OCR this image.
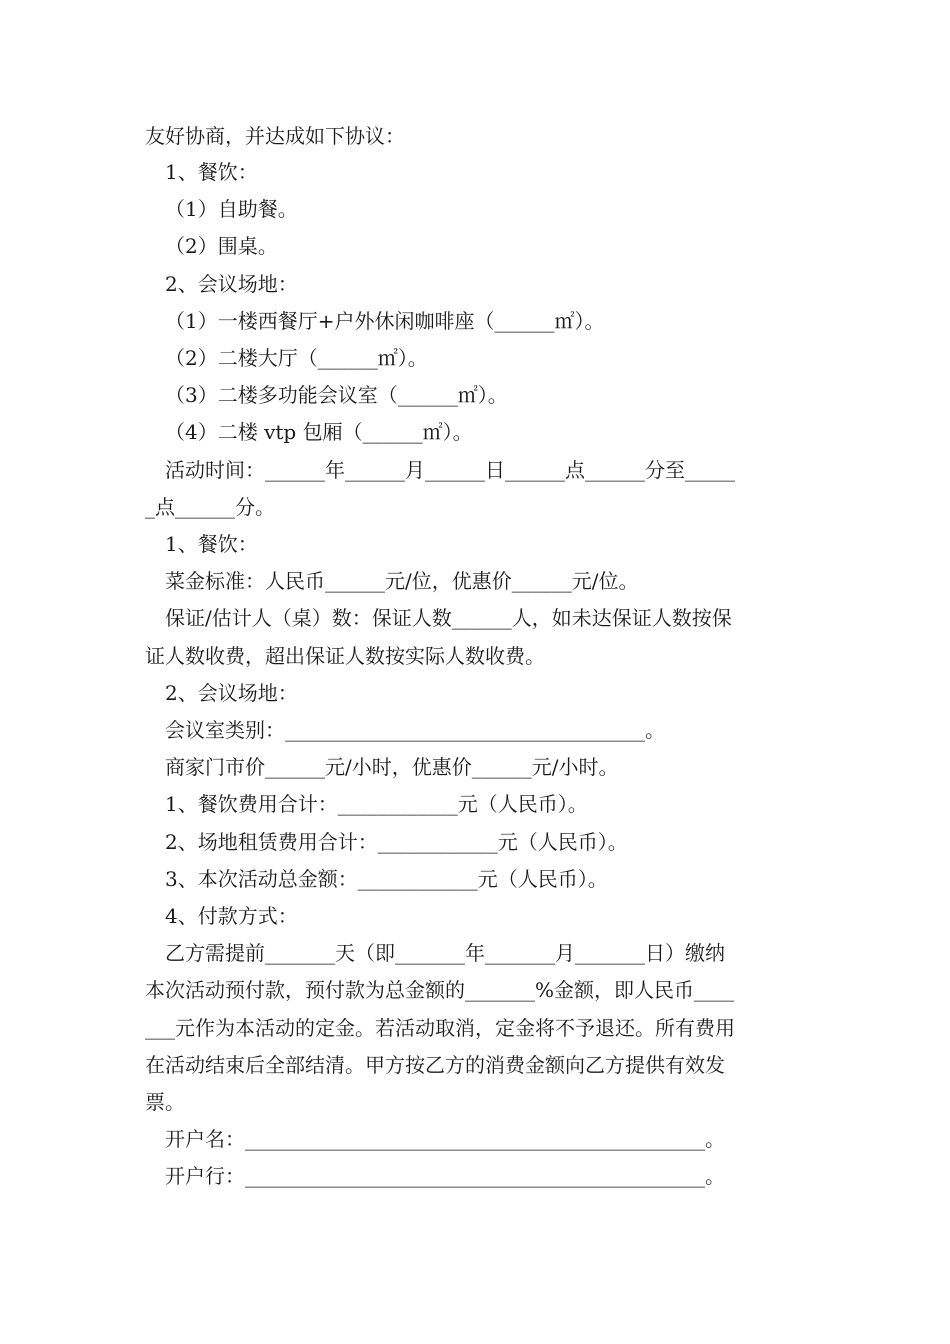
友好协商，并达成如下协议：
1、餐饮：
（1）自助餐。
（2）围桌。
2、会议场地：
（1）一楼西餐厅+户外休闲咖啡座（______㎡）。
（2）二楼大厅（______㎡）。
（3）二楼多功能会议室（______㎡）。
（4）二楼 vtp 包厢（______㎡）。
活动时间：______年______月______日______点______分至_____
_点______分。
1、餐饮：
菜金标准：人民币______元/位，优惠价______元/位。
保证/估计人（桌）数：保证人数______人，如未达保证人数按保
证人数收费，超出保证人数按实际人数收费。
2、会议场地：
会议室类别：____________________________________。
商家门市价______元/小时，优惠价______元/小时。
1、餐饮费用合计：____________元（人民币）。
2、场地租赁费用合计：____________元（人民币）。
3、本次活动总金额：____________元（人民币）。
4、付款方式：
乙方需提前_______天（即_______年_______月_______日）缴纳
本次活动预付款，预付款为总金额的_______%金额，即人民币____
___元作为本活动的定金。若活动取消，定金将不予退还。所有费用
在活动结束后全部结清。甲方按乙方的消费金额向乙方提供有效发
票。
开户名：______________________________________________。
开户行：______________________________________________。
